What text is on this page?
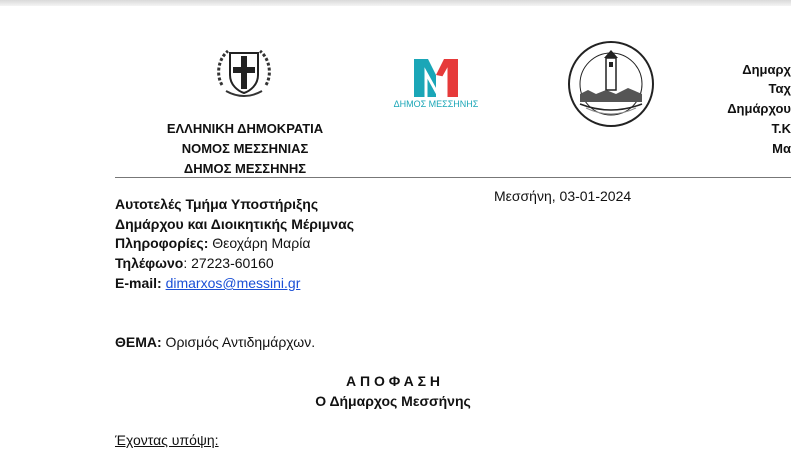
ΕΛΛΗΝΙΚΗ ΔΗΜΟΚΡΑΤΙΑ
ΝΟΜΟΣ ΜΕΣΣΗΝΙΑΣ
ΔΗΜΟΣ ΜΕΣΣΗΝΗΣ
ΔΗΜΟΣ ΜΕΣΣΗΝΗΣ
Δημαρχ
Ταχ
Δημάρχου
Τ.Κ
Μα
Αυτοτελές Τμήμα Υποστήριξης
Δημάρχου και Διοικητικής Μέριμνας
Πληροφορίες: Θεοχάρη Μαρία
Τηλέφωνο: 27223-60160
E-mail: dimarxos@messini.gr
Μεσσήνη, 03-01-2024
ΘΕΜΑ: Ορισμός Αντιδημάρχων.
Α Π Ο Φ Α Σ Η
Ο Δήμαρχος Μεσσήνης
Έχοντας υπόψη:
